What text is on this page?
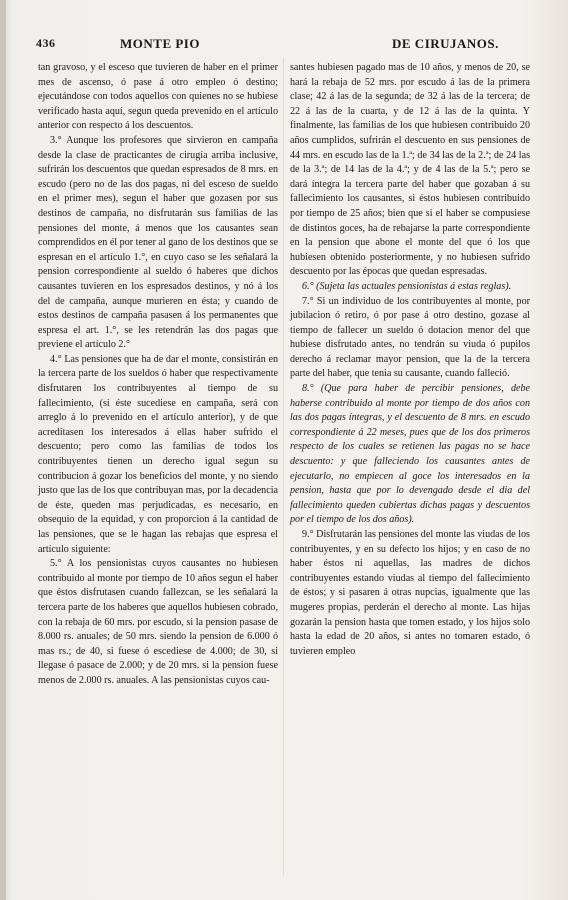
436	MONTE PIO	DE CIRUJANOS.

tan gravoso, y el esceso que tuvieren de haber en el primer mes de ascenso, ó pase á otro empleo ó destino; ejecutándose con todos aquellos con quienes no se hubiese verificado hasta aquí, segun queda prevenido en el artículo anterior con respecto á los descuentos.

3.° Aunque los profesores que sirvieron en campaña desde la clase de practicantes de cirugía arriba inclusive, sufrirán los descuentos que quedan espresados de 8 mrs. en escudo (pero no de las dos pagas, ni del esceso de sueldo en el primer mes), segun el haber que gozasen por sus destinos de campaña, no disfrutarán sus familias de las pensiones del monte, á menos que los causantes sean comprendidos en él por tener al gano de los destinos que se espresan en el artículo 1.°, en cuyo caso se les señalará la pension correspondiente al sueldo ó haberes que dichos causantes tuvieren en los espresados destinos, y nó á los del de campaña, aunque murieren en ésta; y cuando de estos destinos de campaña pasasen á los permanentes que espresa el art. 1.°, se les retendrán las dos pagas que previene el artículo 2.°

4.° Las pensiones que ha de dar el monte, consistirán en la tercera parte de los sueldos ó haber que respectivamente disfrutaren los contribuyentes al tiempo de su fallecimiento, (si éste sucediese en campaña, será con arreglo á lo prevenido en el artículo anterior), y de que acreditasen los interesados á ellas haber sufrido el descuento; pero como las familias de todos los contribuyentes tienen un derecho igual segun su contribucion á gozar los beneficios del monte, y no siendo justo que las de los que contribuyan mas, por la decadencia de éste, queden mas perjudicadas, es necesario, en obsequio de la equidad, y con proporcion á la cantidad de las pensiones, que se le hagan las rebajas que espresa el artículo siguiente:

5.° A los pensionistas cuyos causantes no hubiesen contribuido al monte por tiempo de 10 años segun el haber que éstos disfrutasen cuando fallezcan, se les señalará la tercera parte de los haberes que aquellos hubiesen cobrado, con la rebaja de 60 mrs. por escudo, si la pension pasase de 8.000 rs. anuales; de 50 mrs. siendo la pension de 6.000 ó mas rs.; de 40, si fuese ó escediese de 4.000; de 30, si llegase ó pasace de 2.000; y de 20 mrs. si la pension fuese menos de 2.000 rs. anuales. A las pensionistas cuyos cau-

santes hubiesen pagado mas de 10 años, y menos de 20, se hará la rebaja de 52 mrs. por escudo á las de la primera clase; 42 á las de la segunda; de 32 á las de la tercera; de 22 á las de la cuarta, y de 12 á las de la quinta. Y finalmente, las familias de los que hubiesen contribuido 20 años cumplidos, sufrirán el descuento en sus pensiones de 44 mrs. en escudo las de la 1.ª; de 34 las de la 2.ª; de 24 las de la 3.ª; de 14 las de la 4.ª; y de 4 las de la 5.ª; pero se dará íntegra la tercera parte del haber que gozaban á su fallecimiento los causantes, si éstos hubiesen contribuido por tiempo de 25 años; bien que si el haber se compusiese de distintos goces, ha de rebajarse la parte correspondiente en la pension que abone el monte del que ó los que hubiesen obtenido posteriormente, y no hubiesen sufrido descuento por las épocas que quedan espresadas.

6.° (Sujeta las actuales pensionistas á estas reglas).

7.° Si un individuo de los contribuyentes al monte, por jubilacion ó retiro, ó por pase á otro destino, gozase al tiempo de fallecer un sueldo ó dotacion menor del que hubiese disfrutado antes, no tendrán su viuda ó pupilos derecho á reclamar mayor pension, que la de la tercera parte del haber, que tenia su causante, cuando falleció.

8.° (Que para haber de percibir pensiones, debe haberse contribuido al monte por tiempo de dos años con las dos pagas íntegras, y el descuento de 8 mrs. en escudo correspondiente á 22 meses, pues que de los dos primeros respecto de los cuales se retienen las pagas no se hace descuento: y que falleciendo los causantes antes de ejecutarlo, no empiecen al goce los interesados en la pension, hasta que por lo devengado desde el dia del fallecimiento queden cubiertas dichas pagas y descuentos por el tiempo de los dos años).

9.° Disfrutarán las pensiones del monte las viudas de los contribuyentes, y en su defecto los hijos; y en caso de no haber éstos ni aquellas, las madres de dichos contribuyentes estando viudas al tiempo del fallecimiento de éstos; y si pasaren á otras nupcias, igualmente que las mugeres propias, perderán el derecho al monte. Las hijas gozarán la pension hasta que tomen estado, y los hijos solo hasta la edad de 20 años, si antes no tomaren estado, ó tuvieren empleo
